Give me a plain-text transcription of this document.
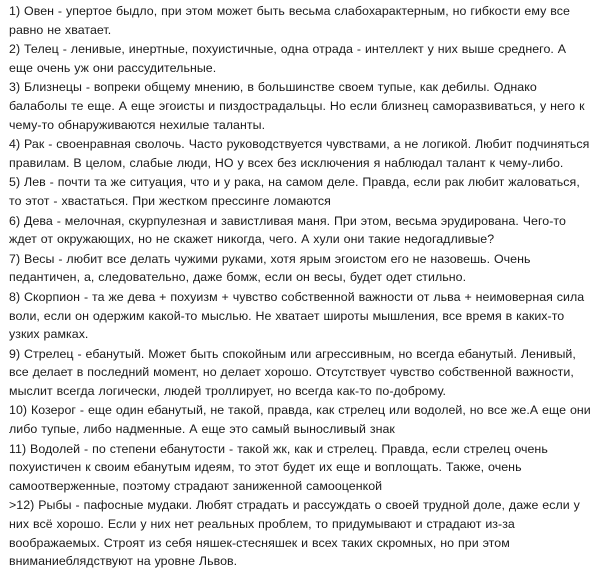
1) Овен - упертое быдло, при этом может быть весьма слабохарактерным, но гибкости ему все равно не хватает.

2) Телец - ленивые, инертные, похуистичные, одна отрада - интеллект у них выше среднего. А еще очень уж они рассудительные.

3) Близнецы - вопреки общему мнению, в большинстве своем тупые, как дебилы. Однако балаболы те еще. А еще эгоисты и пиздострадальцы. Но если близнец саморазвиваться, у него к чему-то обнаруживаются нехилые таланты.

4) Рак - своенравная сволочь. Часто руководствуется чувствами, а не логикой. Любит подчиняться правилам. В целом, слабые люди, НО у всех без исключения я наблюдал талант к чему-либо.

5) Лев - почти та же ситуация, что и у рака, на самом деле. Правда, если рак любит жаловаться, то этот - хвастаться. При жестком прессинге ломаются

6) Дева - мелочная, скурпулезная и завистливая маня. При этом, весьма эрудирована. Чего-то ждет от окружающих, но не скажет никогда, чего. А хули они такие недогадливые?

7) Весы - любит все делать чужими руками, хотя ярым эгоистом его не назовешь. Очень педантичен, а, следовательно, даже бомж, если он весы, будет одет стильно.

8) Скорпион - та же дева + похуизм + чувство собственной важности от льва + неимоверная сила воли, если он одержим какой-то мыслью. Не хватает широты мышления, все время в каких-то узких рамках.

9) Стрелец - ебанутый. Может быть спокойным или агрессивным, но всегда ебанутый. Ленивый, все делает в последний момент, но делает хорошо. Отсутствует чувство собственной важности, мыслит всегда логически, людей троллирует, но всегда как-то по-доброму.

10) Козерог - еще один ебанутый, не такой, правда, как стрелец или водолей, но все же.А еще они либо тупые, либо надменные. А еще это самый выносливый знак

11) Водолей - по степени ебанутости - такой жк, как и стрелец. Правда, если стрелец очень похуистичен к своим ебанутым идеям, то этот будет их еще и воплощать. Также, очень самоотверженные, поэтому страдают заниженной самооценкой

>12) Рыбы - пафосные мудаки. Любят страдать и рассуждать о своей трудной доле, даже если у них всё хорошо. Если у них нет реальных проблем, то придумывают и страдают из-за воображаемых. Строят из себя няшек-стесняшек и всех таких скромных, но при этом вниманиеблядствуют на уровне Львов.
